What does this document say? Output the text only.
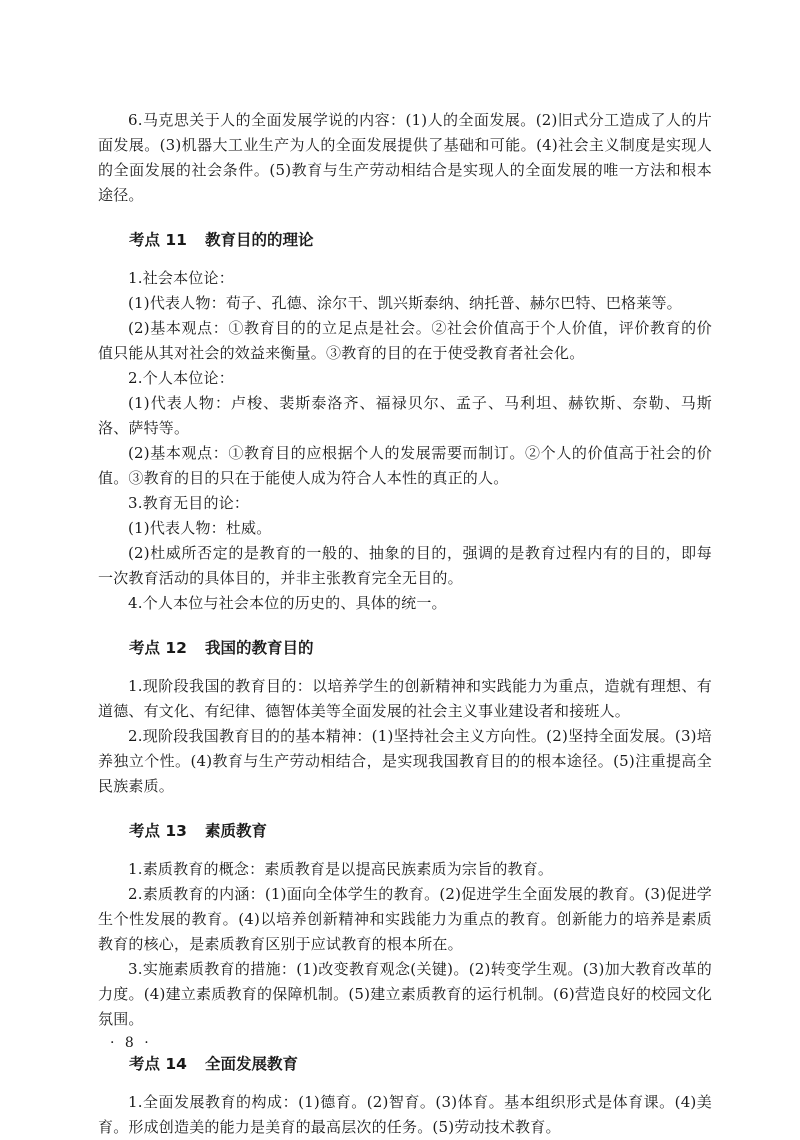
6.马克思关于人的全面发展学说的内容：(1)人的全面发展。(2)旧式分工造成了人的片面发展。(3)机器大工业生产为人的全面发展提供了基础和可能。(4)社会主义制度是实现人的全面发展的社会条件。(5)教育与生产劳动相结合是实现人的全面发展的唯一方法和根本途径。

考点 11 教育目的的理论

1.社会本位论：

(1)代表人物：荀子、孔德、涂尔干、凯兴斯泰纳、纳托普、赫尔巴特、巴格莱等。

(2)基本观点：①教育目的的立足点是社会。②社会价值高于个人价值，评价教育的价值只能从其对社会的效益来衡量。③教育的目的在于使受教育者社会化。

2.个人本位论：

(1)代表人物：卢梭、裴斯泰洛齐、福禄贝尔、孟子、马利坦、赫钦斯、奈勒、马斯洛、萨特等。

(2)基本观点：①教育目的应根据个人的发展需要而制订。②个人的价值高于社会的价值。③教育的目的只在于能使人成为符合人本性的真正的人。

3.教育无目的论：

(1)代表人物：杜威。

(2)杜威所否定的是教育的一般的、抽象的目的，强调的是教育过程内有的目的，即每一次教育活动的具体目的，并非主张教育完全无目的。

4.个人本位与社会本位的历史的、具体的统一。

考点 12 我国的教育目的

1.现阶段我国的教育目的：以培养学生的创新精神和实践能力为重点，造就有理想、有道德、有文化、有纪律、德智体美等全面发展的社会主义事业建设者和接班人。

2.现阶段我国教育目的的基本精神：(1)坚持社会主义方向性。(2)坚持全面发展。(3)培养独立个性。(4)教育与生产劳动相结合，是实现我国教育目的的根本途径。(5)注重提高全民族素质。

考点 13 素质教育

1.素质教育的概念：素质教育是以提高民族素质为宗旨的教育。

2.素质教育的内涵：(1)面向全体学生的教育。(2)促进学生全面发展的教育。(3)促进学生个性发展的教育。(4)以培养创新精神和实践能力为重点的教育。创新能力的培养是素质教育的核心，是素质教育区别于应试教育的根本所在。

3.实施素质教育的措施：(1)改变教育观念(关键)。(2)转变学生观。(3)加大教育改革的力度。(4)建立素质教育的保障机制。(5)建立素质教育的运行机制。(6)营造良好的校园文化氛围。

考点 14 全面发展教育

1.全面发展教育的构成：(1)德育。(2)智育。(3)体育。基本组织形式是体育课。(4)美育。形成创造美的能力是美育的最高层次的任务。(5)劳动技术教育。

· 8 ·
